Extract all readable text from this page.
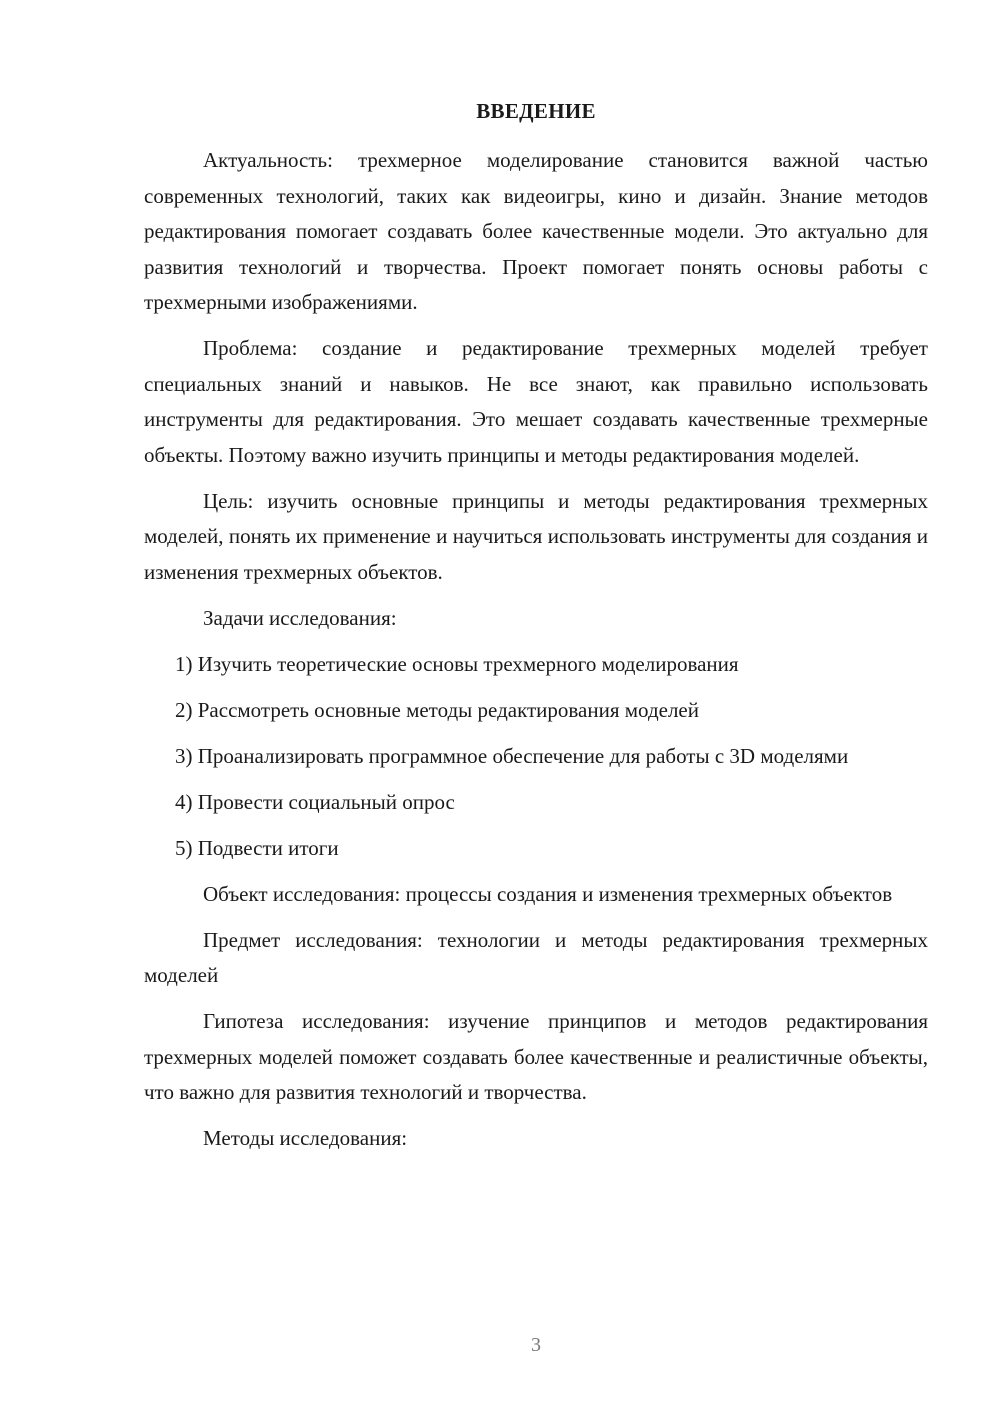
ВВЕДЕНИЕ

Актуальность: трехмерное моделирование становится важной частью современных технологий, таких как видеоигры, кино и дизайн. Знание методов редактирования помогает создавать более качественные модели. Это актуально для развития технологий и творчества. Проект помогает понять основы работы с трехмерными изображениями.

Проблема: создание и редактирование трехмерных моделей требует специальных знаний и навыков. Не все знают, как правильно использовать инструменты для редактирования. Это мешает создавать качественные трехмерные объекты. Поэтому важно изучить принципы и методы редактирования моделей.

Цель: изучить основные принципы и методы редактирования трехмерных моделей, понять их применение и научиться использовать инструменты для создания и изменения трехмерных объектов.

Задачи исследования:

1) Изучить теоретические основы трехмерного моделирования

2) Рассмотреть основные методы редактирования моделей

3) Проанализировать программное обеспечение для работы с 3D моделями

4) Провести социальный опрос

5) Подвести итоги

Объект исследования: процессы создания и изменения трехмерных объектов

Предмет исследования: технологии и методы редактирования трехмерных моделей

Гипотеза исследования: изучение принципов и методов редактирования трехмерных моделей поможет создавать более качественные и реалистичные объекты, что важно для развития технологий и творчества.

Методы исследования:

3
